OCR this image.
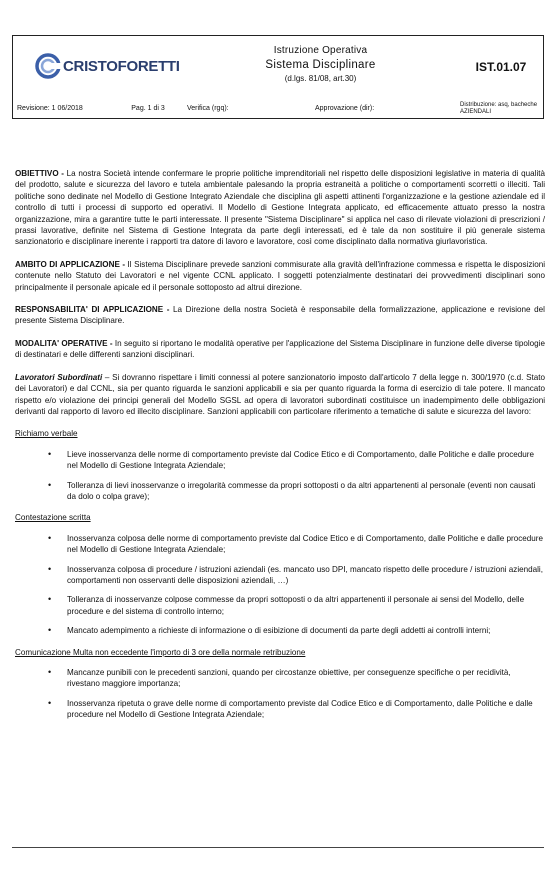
CRISTOFORETTI
Istruzione Operativa
Sistema Disciplinare
(d.lgs. 81/08, art.30)
IST.01.07
Revisione: 1 06/2018	Pag. 1 di 3	Verifica (rgq):	Approvazione (dir):
Distribuzione: asq, bacheche AZIENDALI

OBIETTIVO - La nostra Società intende confermare le proprie politiche imprenditoriali nel rispetto delle disposizioni legislative in materia di qualità del prodotto, salute e sicurezza del lavoro e tutela ambientale palesando la propria estraneità a politiche o comportamenti scorretti o illeciti. Tali politiche sono dedinate nel Modello di Gestione Integrato Aziendale che disciplina gli aspetti attinenti l'organizzazione e la gestione aziendale ed il controllo di tutti i processi di supporto ed operativi. Il Modello di Gestione Integrata applicato, ed efficacemente attuato presso la nostra organizzazione, mira a garantire tutte le parti interessate. Il presente "Sistema Disciplinare" si applica nel caso di rilevate violazioni di prescrizioni / prassi lavorative, definite nel Sistema di Gestione Integrata da parte degli interessati, ed è tale da non sostituire il più generale sistema sanzionatorio e disciplinare inerente i rapporti tra datore di lavoro e lavoratore, così come disciplinato dalla normativa giurlavoristica.

AMBITO DI APPLICAZIONE - Il Sistema Disciplinare prevede sanzioni commisurate alla gravità dell'infrazione commessa e rispetta le disposizioni contenute nello Statuto dei Lavoratori e nel vigente CCNL applicato. I soggetti potenzialmente destinatari dei provvedimenti disciplinari sono principalmente il personale apicale ed il personale sottoposto ad altrui direzione.

RESPONSABILITA' DI APPLICAZIONE - La Direzione della nostra Società è responsabile della formalizzazione, applicazione e revisione del presente Sistema Disciplinare.

MODALITA' OPERATIVE - In seguito si riportano le modalità operative per l'applicazione del Sistema Disciplinare in funzione delle diverse tipologie di destinatari e delle differenti sanzioni disciplinari.

Lavoratori Subordinati – Si dovranno rispettare i limiti connessi al potere sanzionatorio imposto dall'articolo 7 della legge n. 300/1970 (c.d. Stato dei Lavoratori) e dal CCNL, sia per quanto riguarda le sanzioni applicabili e sia per quanto riguarda la forma di esercizio di tale potere. Il mancato rispetto e/o violazione dei principi generali del Modello SGSL ad opera di lavoratori subordinati costituisce un inadempimento delle obbligazioni derivanti dal rapporto di lavoro ed illecito disciplinare. Sanzioni applicabili con particolare riferimento a tematiche di salute e sicurezza del lavoro:

Richiamo verbale
• Lieve inosservanza delle norme di comportamento previste dal Codice Etico e di Comportamento, dalle Politiche e dalle procedure nel Modello di Gestione Integrata Aziendale;
• Tolleranza di lievi inosservanze o irregolarità commesse da propri sottoposti o da altri appartenenti al personale (eventi non causati da dolo o colpa grave);
Contestazione scritta
• Inosservanza colposa delle norme di comportamento previste dal Codice Etico e di Comportamento, dalle Politiche e dalle procedure nel Modello di Gestione Integrata Aziendale;
• Inosservanza colposa di procedure / istruzioni aziendali (es. mancato uso DPI, mancato rispetto delle procedure / istruzioni aziendali, comportamenti non osservanti delle disposizioni aziendali, …)
• Tolleranza di inosservanze colpose commesse da propri sottoposti o da altri appartenenti il personale ai sensi del Modello, delle procedure e del sistema di controllo interno;
• Mancato adempimento a richieste di informazione o di esibizione di documenti da parte degli addetti ai controlli interni;
Comunicazione Multa non eccedente l'importo di 3 ore della normale retribuzione
• Mancanze punibili con le precedenti sanzioni, quando per circostanze obiettive, per conseguenze specifiche o per recidività, rivestano maggiore importanza;
• Inosservanza ripetuta o grave delle norme di comportamento previste dal Codice Etico e di Comportamento, dalle Politiche e dalle procedure nel Modello di Gestione Integrata Aziendale;
